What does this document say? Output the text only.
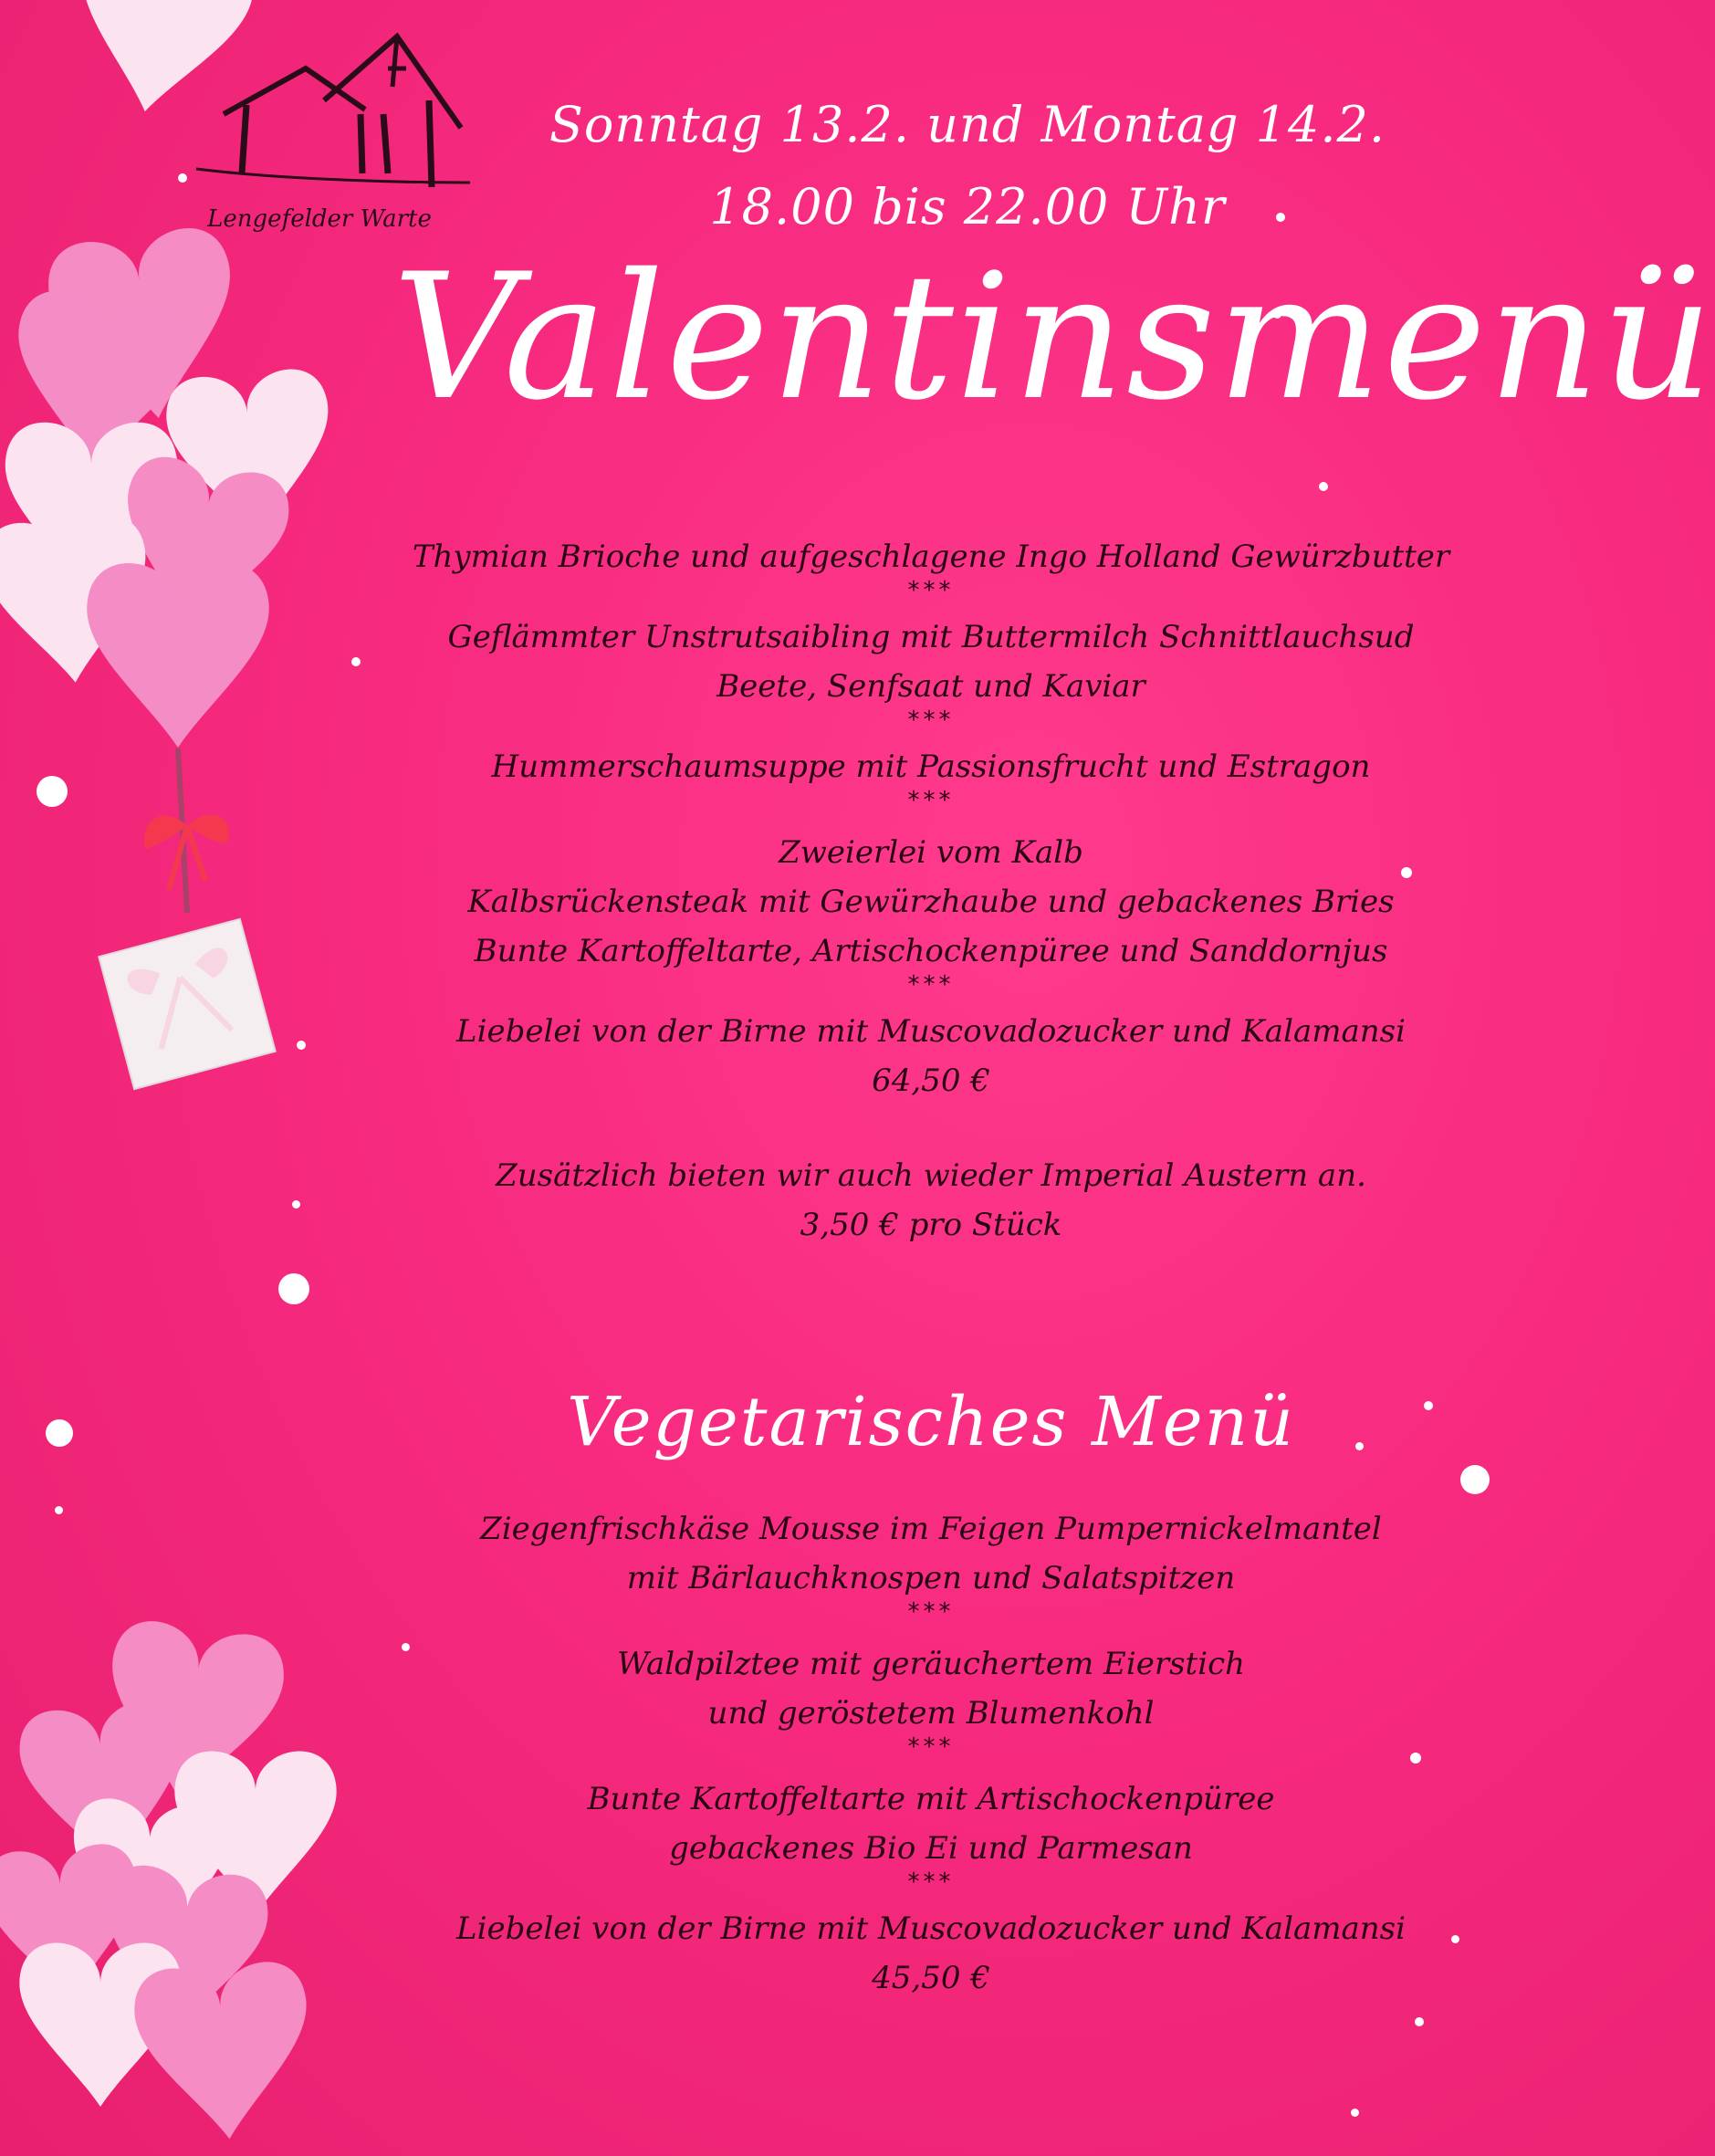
Lengefelder Warte
Sonntag 13.2. und Montag 14.2.
18.00 bis 22.00 Uhr
Valentinsmenü
Thymian Brioche und aufgeschlagene Ingo Holland Gewürzbutter
***
Geflämmter Unstrutsaibling mit Buttermilch Schnittlauchsud
Beete, Senfsaat und Kaviar
***
Hummerschaumsuppe mit Passionsfrucht und Estragon
***
Zweierlei vom Kalb
Kalbsrückensteak mit Gewürzhaube und gebackenes Bries
Bunte Kartoffeltarte, Artischockenpüree und Sanddornjus
***
Liebelei von der Birne mit Muscovadozucker und Kalamansi
64,50 €
Zusätzlich bieten wir auch wieder Imperial Austern an.
3,50 € pro Stück
Vegetarisches Menü
Ziegenfrischkäse Mousse im Feigen Pumpernickelmantel
mit Bärlauchknospen und Salatspitzen
***
Waldpilztee mit geräuchertem Eierstich
und geröstetem Blumenkohl
***
Bunte Kartoffeltarte mit Artischockenpüree
gebackenes Bio Ei und Parmesan
***
Liebelei von der Birne mit Muscovadozucker und Kalamansi
45,50 €
